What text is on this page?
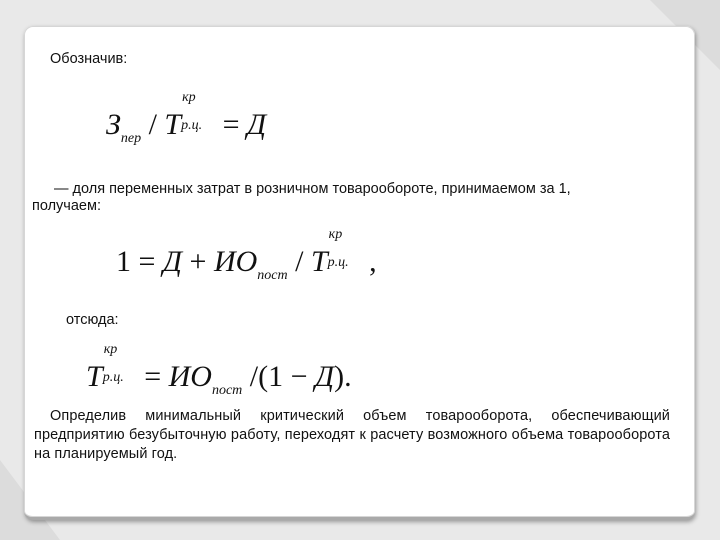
Обозначив:
Зпер / Т
кр
р.ц. = Д
— доля переменных затрат в розничном товарообороте, принимаемом за 1,
получаем:
1 = Д + ИОпост / Т
кр
р.ц. ,
отсюда:
Т
кр
р.ц. = ИОпост /(1 − Д).
Определив минимальный критический объем товарооборота, обеспечивающий предприятию безубыточную работу, переходят к расчету возможного объема товарооборота на планируемый год.
